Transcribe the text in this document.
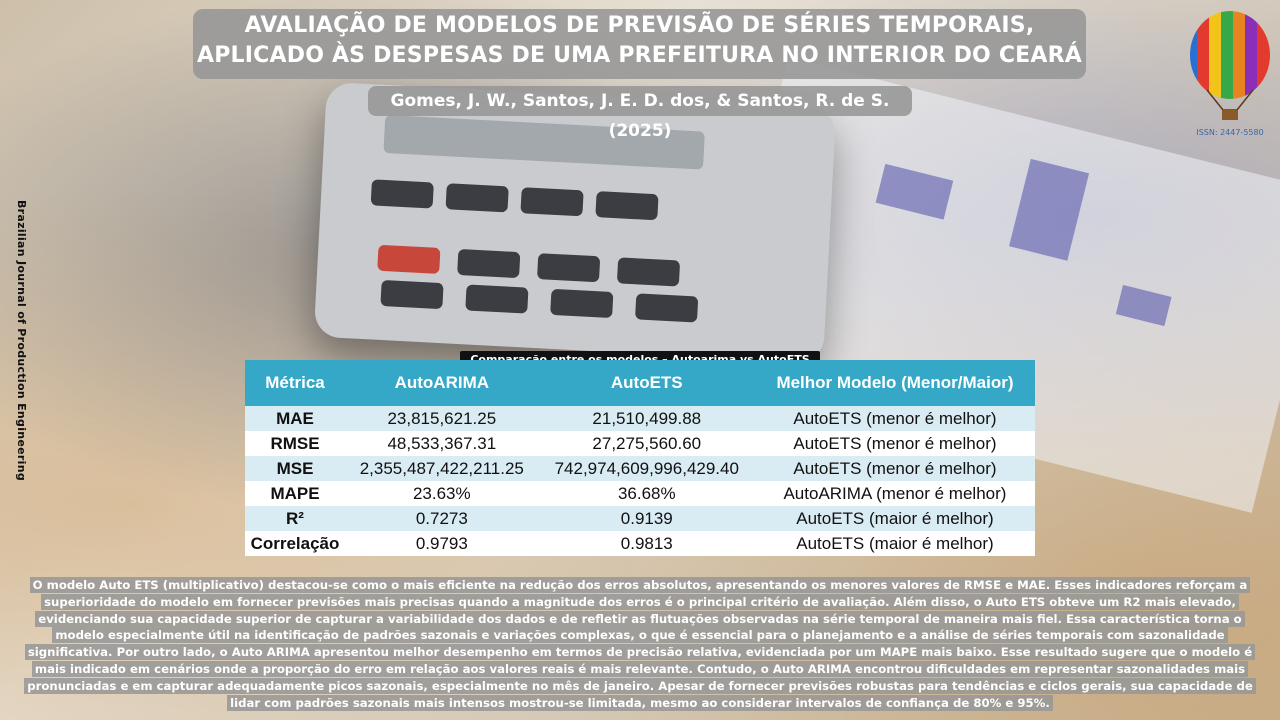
AVALIAÇÃO DE MODELOS DE PREVISÃO DE SÉRIES TEMPORAIS, APLICADO ÀS DESPESAS DE UMA PREFEITURA NO INTERIOR DO CEARÁ
Gomes, J. W., Santos, J. E. D. dos, & Santos, R. de S. (2025)
Brazilian Journal of Production Engineering
ISSN: 2447-5580
Métrica	AutoARIMA	AutoETS	Melhor Modelo (Menor/Maior)
MAE	23,815,621.25	21,510,499.88	AutoETS (menor é melhor)
RMSE	48,533,367.31	27,275,560.60	AutoETS (menor é melhor)
MSE	2,355,487,422,211.25	742,974,609,996,429.40	AutoETS (menor é melhor)
MAPE	23.63%	36.68%	AutoARIMA (menor é melhor)
R²	0.7273	0.9139	AutoETS (maior é melhor)
Correlação	0.9793	0.9813	AutoETS (maior é melhor)
O modelo Auto ETS (multiplicativo) destacou-se como o mais eficiente na redução dos erros absolutos, apresentando os menores valores de RMSE e MAE. Esses indicadores reforçam a superioridade do modelo em fornecer previsões mais precisas quando a magnitude dos erros é o principal critério de avaliação. Além disso, o Auto ETS obteve um R2 mais elevado, evidenciando sua capacidade superior de capturar a variabilidade dos dados e de refletir as flutuações observadas na série temporal de maneira mais fiel. Essa característica torna o modelo especialmente útil na identificação de padrões sazonais e variações complexas, o que é essencial para o planejamento e a análise de séries temporais com sazonalidade significativa. Por outro lado, o Auto ARIMA apresentou melhor desempenho em termos de precisão relativa, evidenciada por um MAPE mais baixo. Esse resultado sugere que o modelo é mais indicado em cenários onde a proporção do erro em relação aos valores reais é mais relevante. Contudo, o Auto ARIMA encontrou dificuldades em representar sazonalidades mais pronunciadas e em capturar adequadamente picos sazonais, especialmente no mês de janeiro. Apesar de fornecer previsões robustas para tendências e ciclos gerais, sua capacidade de lidar com padrões sazonais mais intensos mostrou-se limitada, mesmo ao considerar intervalos de confiança de 80% e 95%.
